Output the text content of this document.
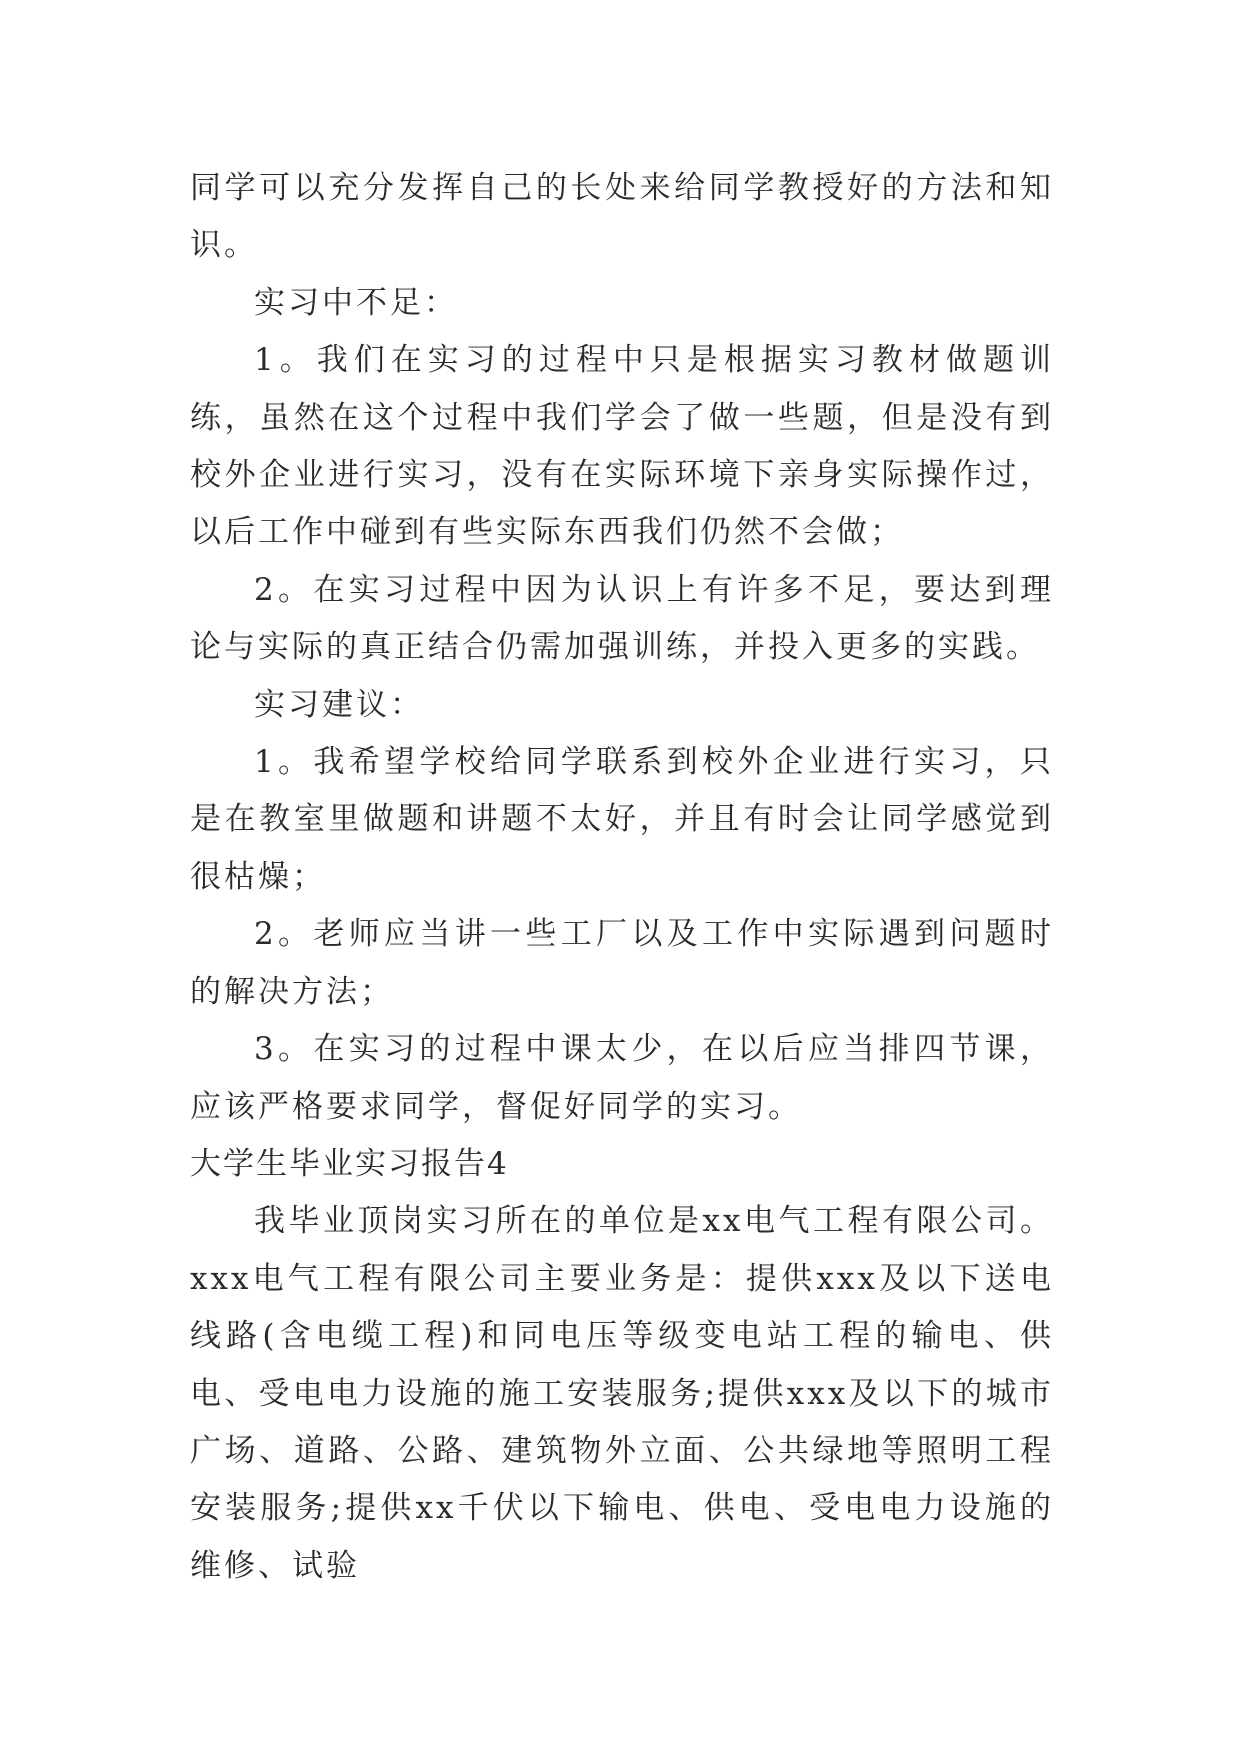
同学可以充分发挥自己的长处来给同学教授好的方法和知识。

实习中不足：

1。我们在实习的过程中只是根据实习教材做题训练，虽然在这个过程中我们学会了做一些题，但是没有到校外企业进行实习，没有在实际环境下亲身实际操作过，以后工作中碰到有些实际东西我们仍然不会做；

2。在实习过程中因为认识上有许多不足，要达到理论与实际的真正结合仍需加强训练，并投入更多的实践。

实习建议：

1。我希望学校给同学联系到校外企业进行实习，只是在教室里做题和讲题不太好，并且有时会让同学感觉到很枯燥；

2。老师应当讲一些工厂以及工作中实际遇到问题时的解决方法；

3。在实习的过程中课太少，在以后应当排四节课，应该严格要求同学，督促好同学的实习。

大学生毕业实习报告4

我毕业顶岗实习所在的单位是xx电气工程有限公司。xxx电气工程有限公司主要业务是：提供xxx及以下送电线路(含电缆工程)和同电压等级变电站工程的输电、供电、受电电力设施的施工安装服务;提供xxx及以下的城市广场、道路、公路、建筑物外立面、公共绿地等照明工程安装服务;提供xx千伏以下输电、供电、受电电力设施的维修、试验
